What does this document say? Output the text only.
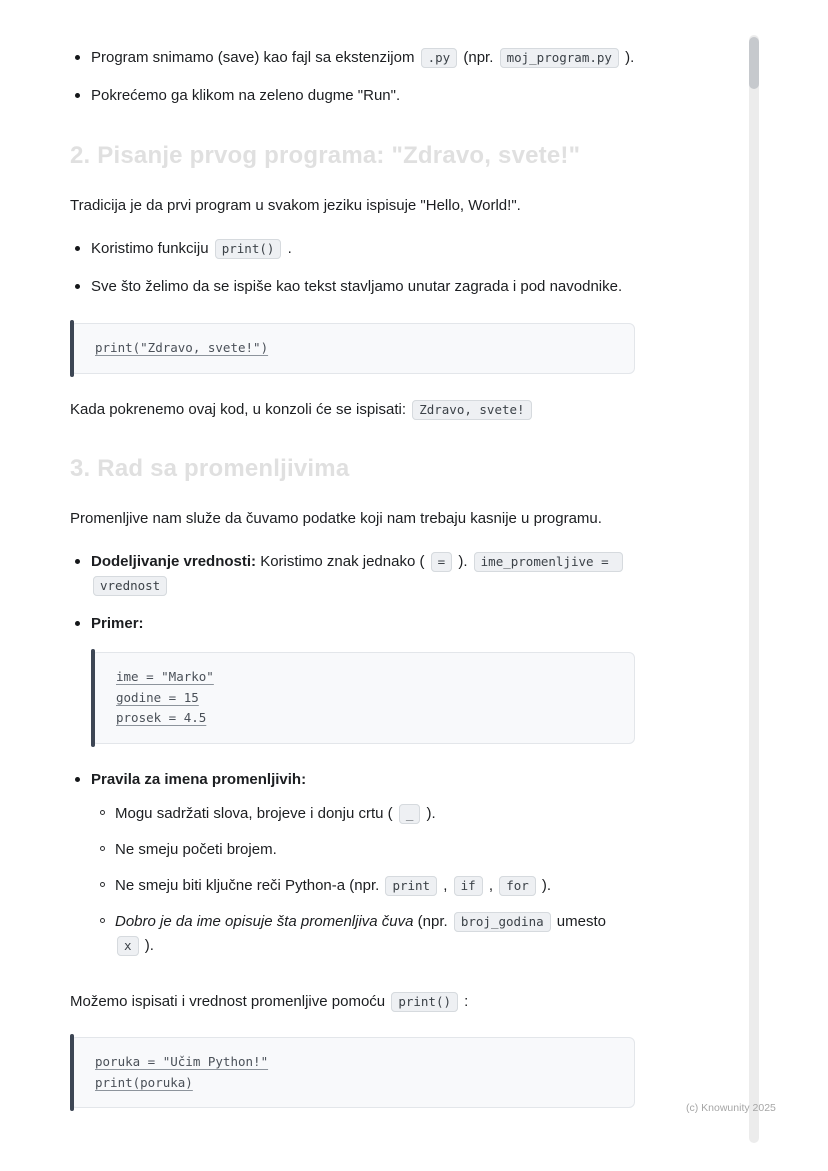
Program snimamo (save) kao fajl sa ekstenzijom .py (npr. moj_program.py ).
Pokrećemo ga klikom na zeleno dugme "Run".
2. Pisanje prvog programa: "Zdravo, svete!"

Tradicija je da prvi program u svakom jeziku ispisuje "Hello, World!".

Koristimo funkciju print() .
Sve što želimo da se ispiše kao tekst stavljamo unutar zagrada i pod navodnike.
print("Zdravo, svete!")

Kada pokrenemo ovaj kod, u konzoli će se ispisati: Zdravo, svete!

3. Rad sa promenljivima

Promenljive nam služe da čuvamo podatke koji nam trebaju kasnije u programu.

Dodeljivanje vrednosti: Koristimo znak jednako ( = ). ime_promenljive = vrednost
Primer:
ime = "Marko"
godine = 15
prosek = 4.5
Pravila za imena promenljivih:
Mogu sadržati slova, brojeve i donju crtu ( _ ).
Ne smeju početi brojem.
Ne smeju biti ključne reči Python-a (npr. print , if , for ).
Dobro je da ime opisuje šta promenljiva čuva (npr. broj_godina umesto x ).

Možemo ispisati i vrednost promenljive pomoću print() :

poruka = "Učim Python!"
print(poruka)
(c) Knowunity 2025
